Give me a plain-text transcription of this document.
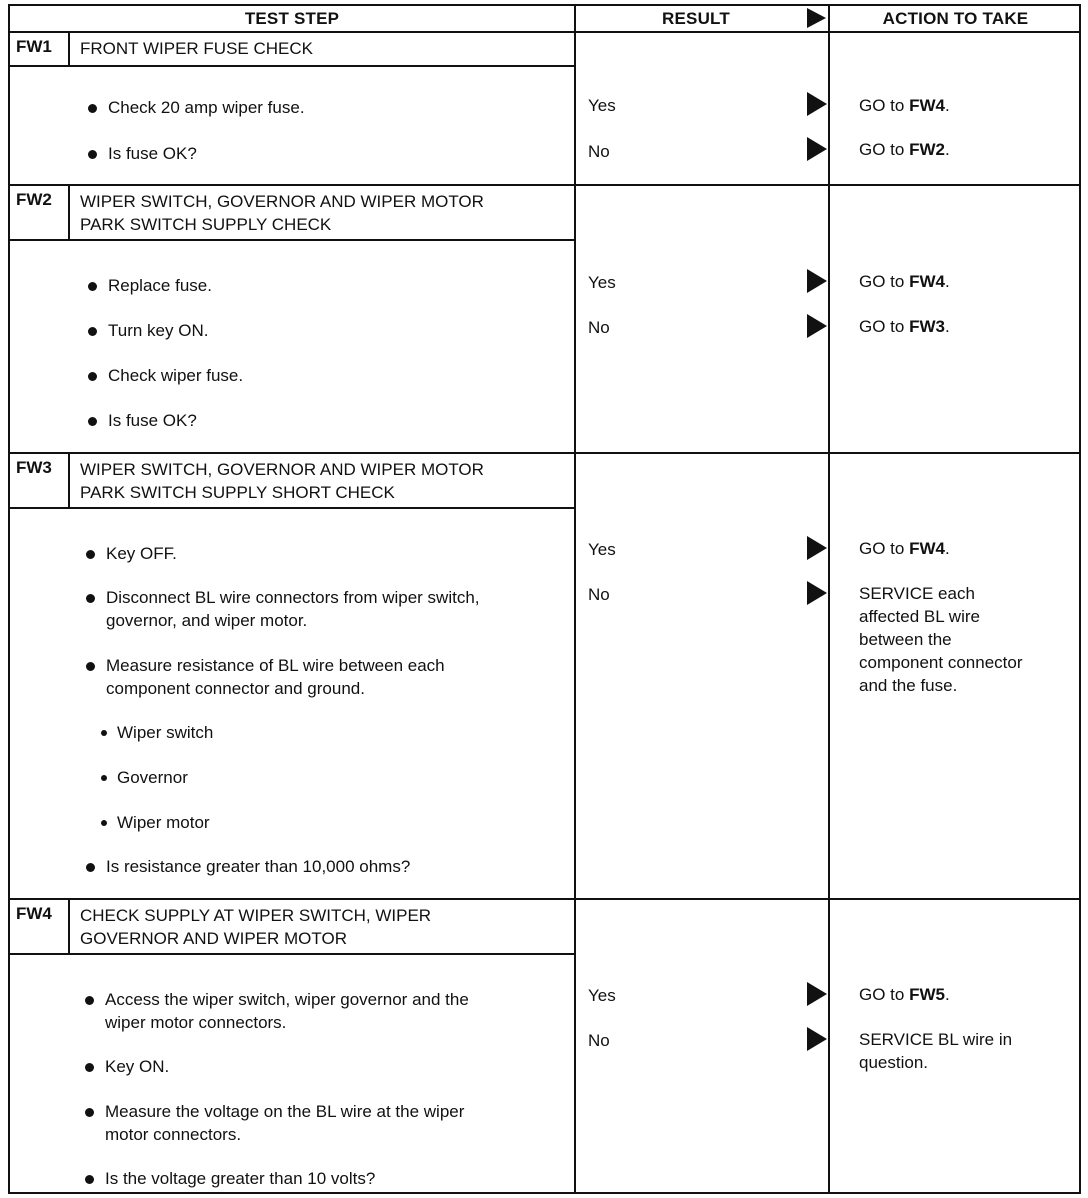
TEST STEP	RESULT	ACTION TO TAKE
FW1	FRONT WIPER FUSE CHECK
Check 20 amp wiper fuse.
Is fuse OK?
Yes	GO to FW4.
No	GO to FW2.
FW2	WIPER SWITCH, GOVERNOR AND WIPER MOTOR
PARK SWITCH SUPPLY CHECK
Replace fuse.
Turn key ON.
Check wiper fuse.
Is fuse OK?
Yes	GO to FW4.
No	GO to FW3.
FW3	WIPER SWITCH, GOVERNOR AND WIPER MOTOR
PARK SWITCH SUPPLY SHORT CHECK
Key OFF.
Disconnect BL wire connectors from wiper switch,
governor, and wiper motor.
Measure resistance of BL wire between each
component connector and ground.
Wiper switch
Governor
Wiper motor
Is resistance greater than 10,000 ohms?
Yes	GO to FW4.
No	SERVICE each
affected BL wire
between the
component connector
and the fuse.
FW4	CHECK SUPPLY AT WIPER SWITCH, WIPER
GOVERNOR AND WIPER MOTOR
Access the wiper switch, wiper governor and the
wiper motor connectors.
Key ON.
Measure the voltage on the BL wire at the wiper
motor connectors.
Is the voltage greater than 10 volts?
Yes	GO to FW5.
No	SERVICE BL wire in
question.
